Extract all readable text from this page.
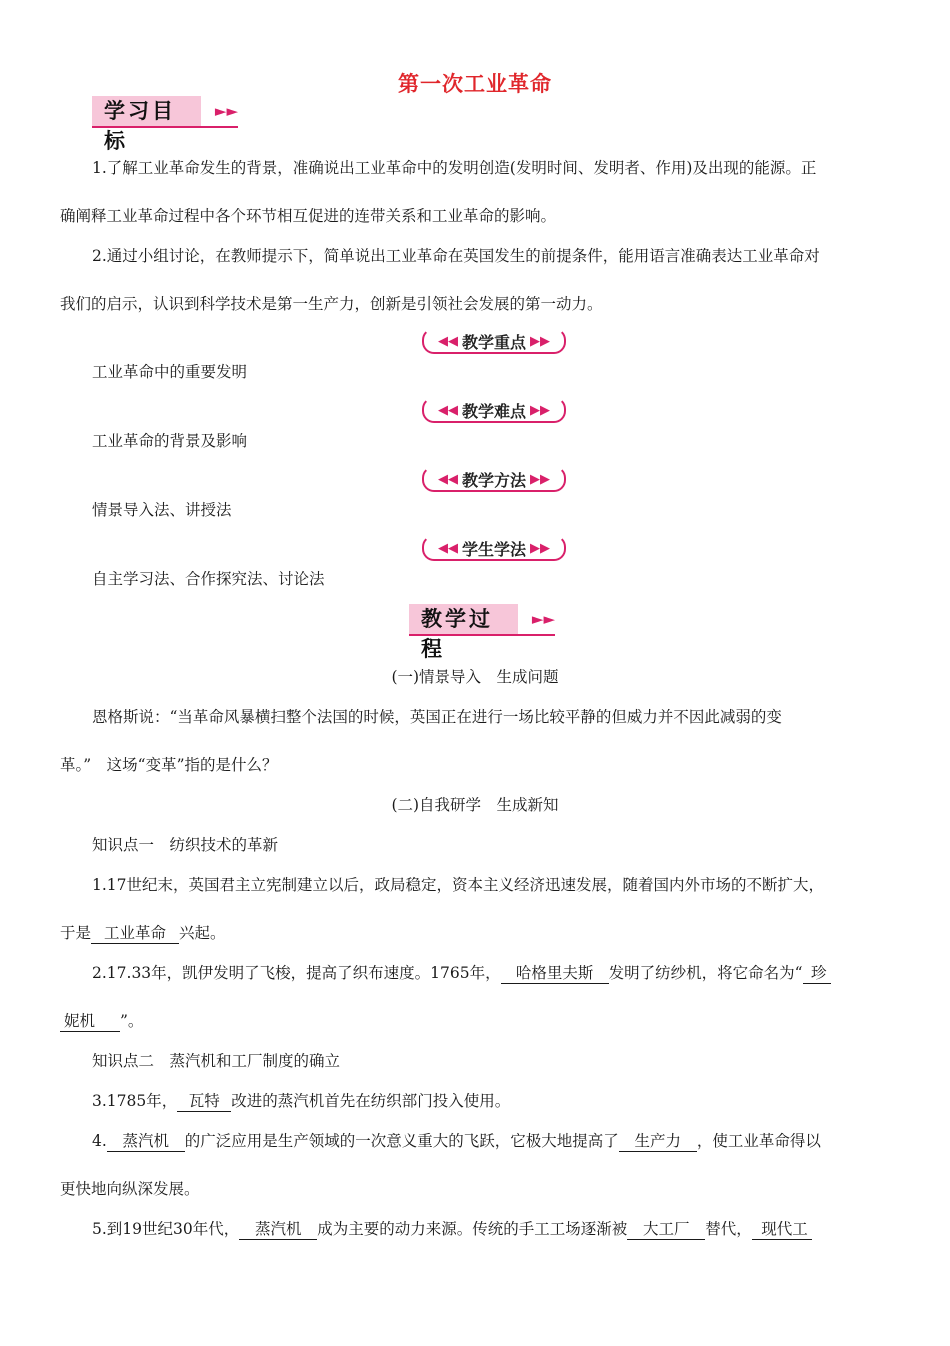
第一次工业革命
学习目标
►►
1.了解工业革命发生的背景，准确说出工业革命中的发明创造(发明时间、发明者、作用)及出现的能源。正
确阐释工业革命过程中各个环节相互促进的连带关系和工业革命的影响。
2.通过小组讨论，在教师提示下，简单说出工业革命在英国发生的前提条件，能用语言准确表达工业革命对
我们的启示，认识到科学技术是第一生产力，创新是引领社会发展的第一动力。
◀◀ 教学重点 ▶▶
工业革命中的重要发明
◀◀ 教学难点 ▶▶
工业革命的背景及影响
◀◀ 教学方法 ▶▶
情景导入法、讲授法
◀◀ 学生学法 ▶▶
自主学习法、合作探究法、讨论法
教学过程
►►
(一)情景导入　生成问题
恩格斯说：“当革命风暴横扫整个法国的时候，英国正在进行一场比较平静的但威力并不因此减弱的变
革。”　这场“变革”指的是什么？
(二)自我研学　生成新知
知识点一　纺织技术的革新
1.17世纪末，英国君主立宪制建立以后，政局稳定，资本主义经济迅速发展，随着国内外市场的不断扩大，
于是 工业革命 兴起。
2.17.33年，凯伊发明了飞梭，提高了织布速度。1765年， 哈格里夫斯 发明了纺纱机，将它命名为“ 珍
妮机 ”。
知识点二　蒸汽机和工厂制度的确立
3.1785年， 瓦特 改进的蒸汽机首先在纺织部门投入使用。
4. 蒸汽机 的广泛应用是生产领域的一次意义重大的飞跃，它极大地提高了 生产力 ，使工业革命得以
更快地向纵深发展。
5.到19世纪30年代， 蒸汽机 成为主要的动力来源。传统的手工工场逐渐被 大工厂 替代， 现代工
